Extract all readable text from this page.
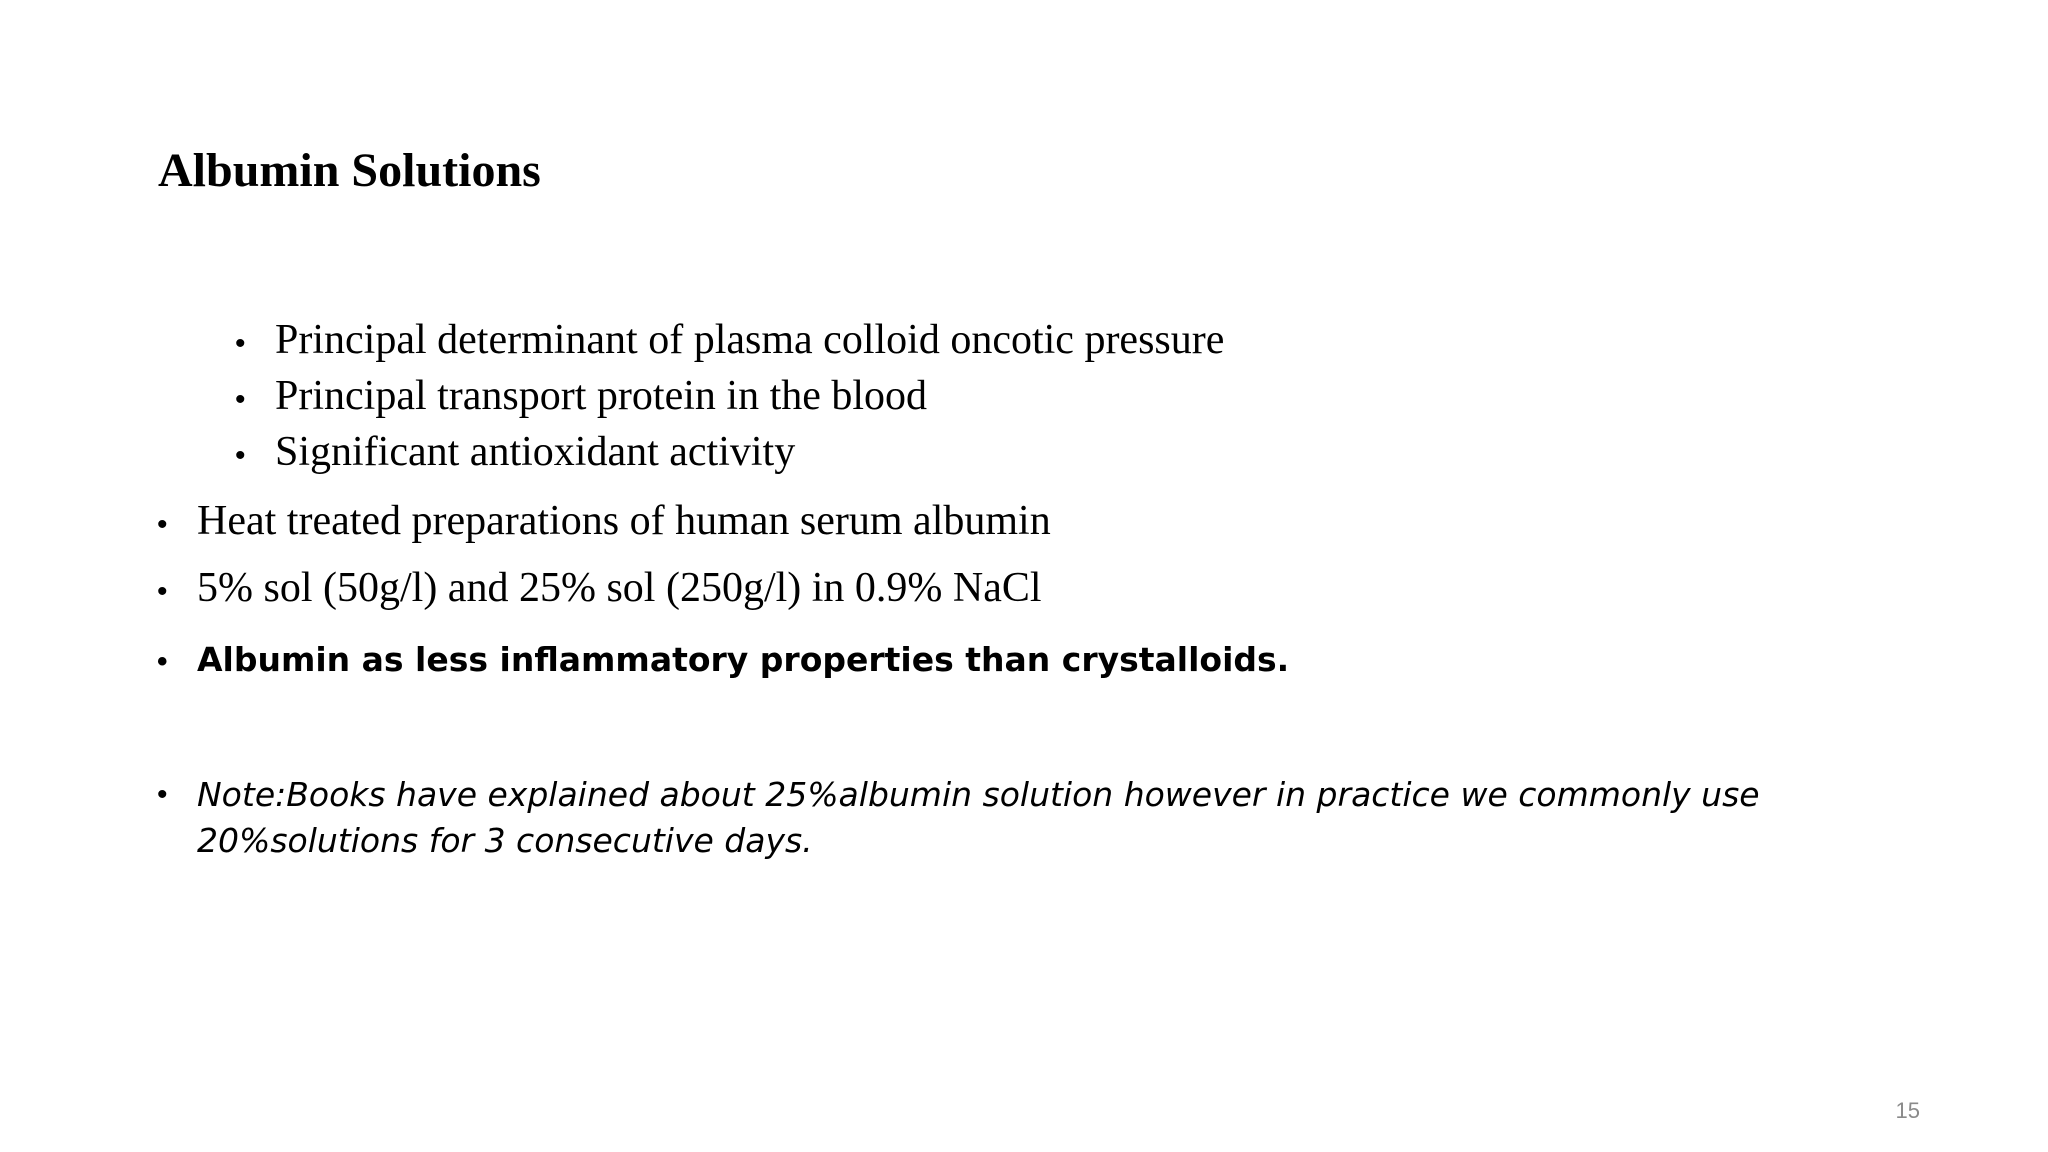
Albumin Solutions
• Principal determinant of plasma colloid oncotic pressure
• Principal transport protein in the blood
• Significant antioxidant activity
• Heat treated preparations of human serum albumin
• 5% sol (50g/l) and 25% sol (250g/l) in 0.9% NaCl
• Albumin as less inflammatory properties than crystalloids.
• Note:Books have explained about 25%albumin solution however in practice we commonly use 20%solutions for 3 consecutive days.
15
